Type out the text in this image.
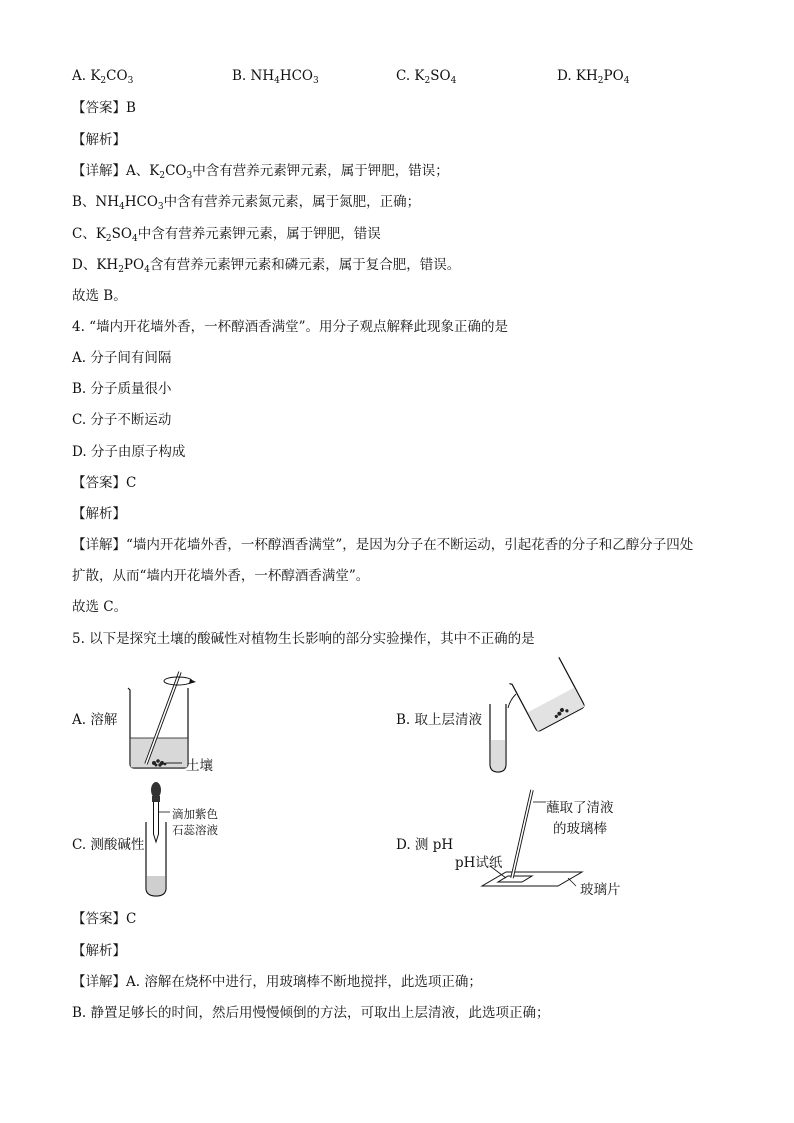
A. $K_2CO_3$	B. $NH_4HCO_3$	C. $K_2SO_4$	D. $KH_2PO_4$
【答案】B
【解析】
【详解】A、$K_2CO_3$中含有营养元素钾元素，属于钾肥，错误；
B、$NH_4HCO_3$中含有营养元素氮元素，属于氮肥，正确；
C、$K_2SO_4$中含有营养元素钾元素，属于钾肥，错误
D、$KH_2PO_4$含有营养元素钾元素和磷元素，属于复合肥，错误。
故选 B。
4. “墙内开花墙外香，一杯醇酒香满堂”。用分子观点解释此现象正确的是
A. 分子间有间隔
B. 分子质量很小
C. 分子不断运动
D. 分子由原子构成
【答案】C
【解析】
【详解】“墙内开花墙外香，一杯醇酒香满堂”，是因为分子在不断运动，引起花香的分子和乙醇分子四处
扩散，从而“墙内开花墙外香，一杯醇酒香满堂”。
故选 C。
5. 以下是探究土壤的酸碱性对植物生长影响的部分实验操作，其中不正确的是
A. 溶解
土壤
B. 取上层清液
C. 测酸碱性
滴加紫色
石蕊溶液
D. 测 pH
蘸取了清液
的玻璃棒
pH试纸
玻璃片
【答案】C
【解析】
【详解】A. 溶解在烧杯中进行，用玻璃棒不断地搅拌，此选项正确；
B. 静置足够长的时间，然后用慢慢倾倒的方法，可取出上层清液，此选项正确；
